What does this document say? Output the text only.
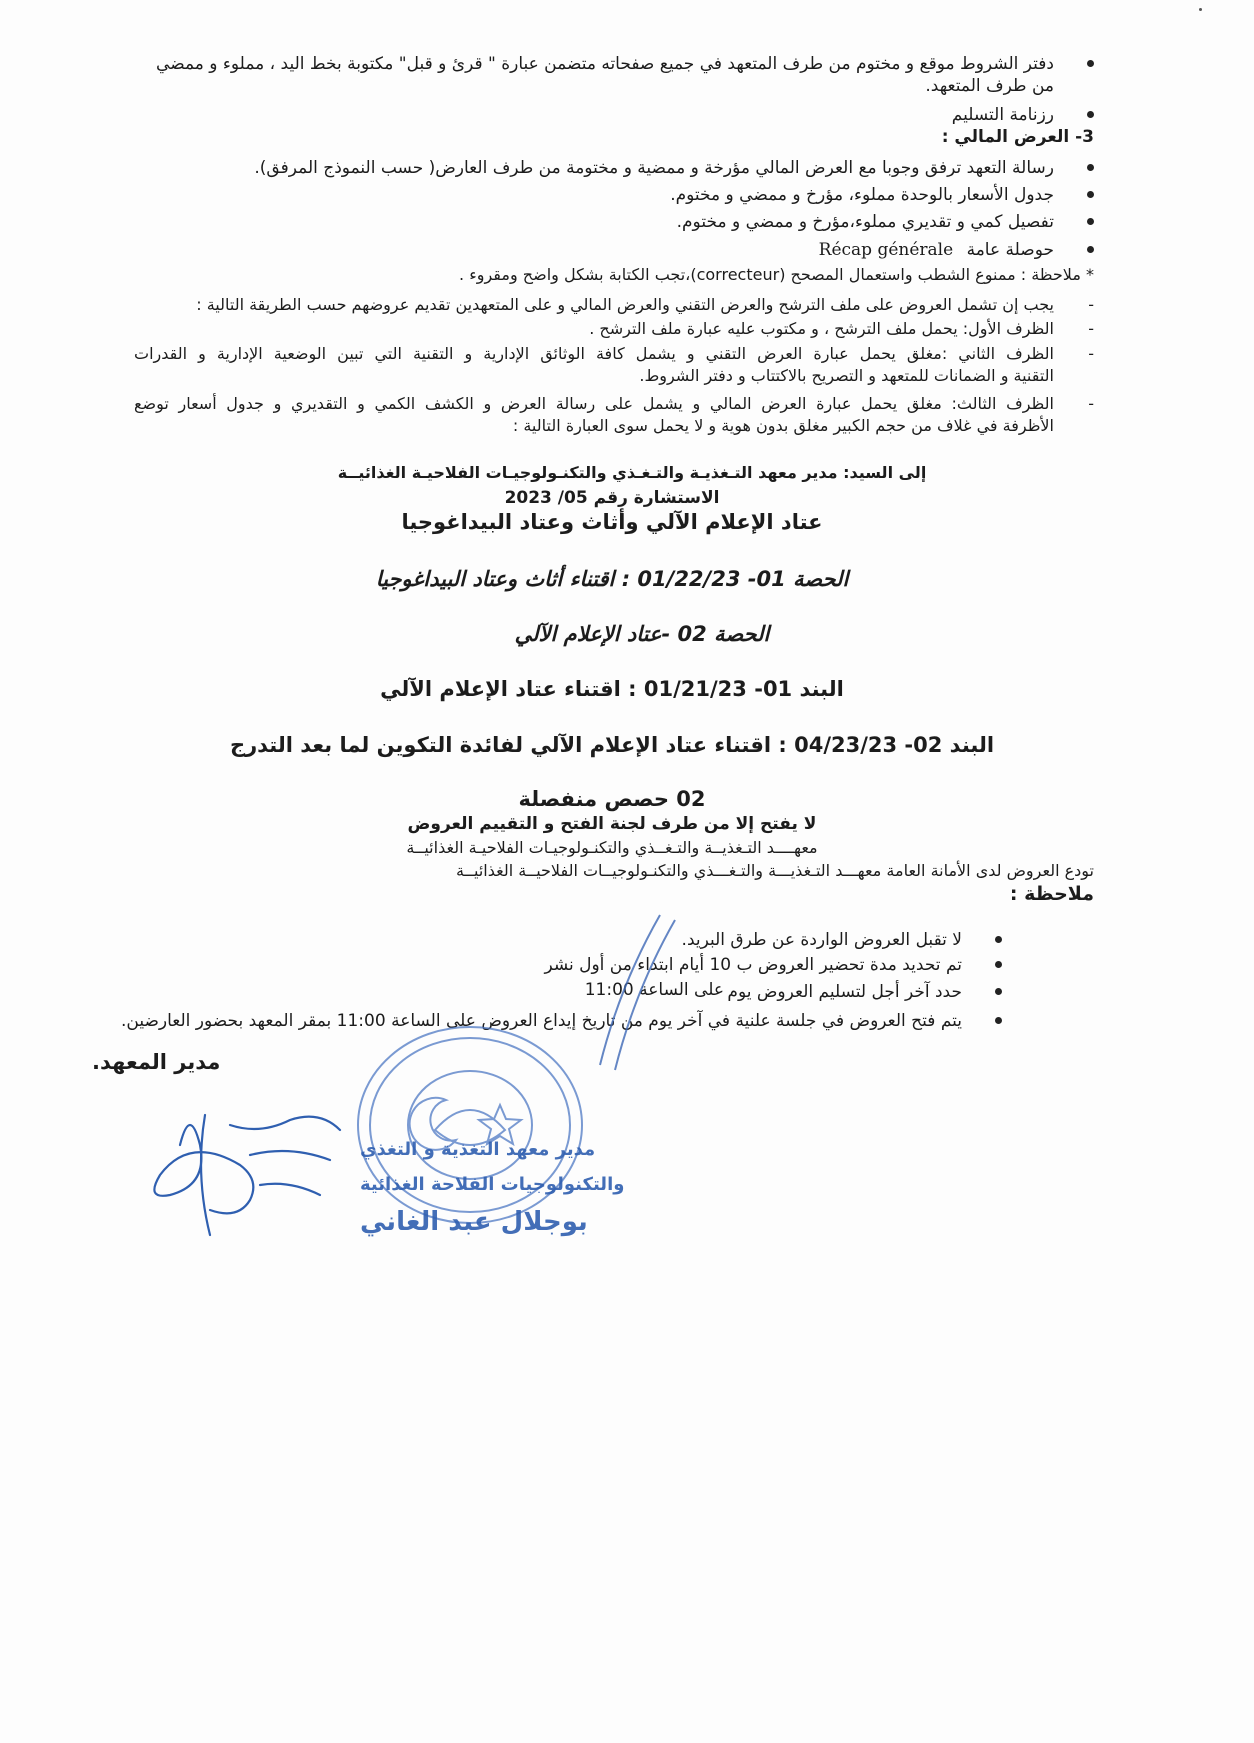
دفتر الشروط موقع و مختوم من طرف المتعهد في جميع صفحاته متضمن عبارة " قرئ و قبل" مكتوبة بخط اليد ، مملوء و ممضي
من طرف المتعهد.
رزنامة التسليم
3- العرض المالي :
رسالة التعهد ترفق وجوبا مع العرض المالي مؤرخة و ممضية و مختومة من طرف العارض( حسب النموذج المرفق).
جدول الأسعار بالوحدة مملوء، مؤرخ و ممضي و مختوم.
تفصيل كمي و تقديري مملوء،مؤرخ و ممضي و مختوم.
حوصلة عامة Récap générale
* ملاحظة : ممنوع الشطب واستعمال المصحح (correcteur)،تجب الكتابة بشكل واضح ومقروء .
-
يجب إن تشمل العروض على ملف الترشح والعرض التقني والعرض المالي و على المتعهدين تقديم عروضهم حسب الطريقة التالية :
-
الظرف الأول: يحمل ملف الترشح ، و مكتوب عليه عبارة ملف الترشح .
-
الظرف الثاني :مغلق يحمل عبارة العرض التقني و يشمل كافة الوثائق الإدارية و التقنية التي تبين الوضعية الإدارية و القدرات
التقنية و الضمانات للمتعهد و التصريح بالاكتتاب و دفتر الشروط.
-
الظرف الثالث: مغلق يحمل عبارة العرض المالي و يشمل على رسالة العرض و الكشف الكمي و التقديري و جدول أسعار توضع
الأظرفة في غلاف من حجم الكبير مغلق بدون هوية و لا يحمل سوى العبارة التالية :
إلى السيد: مدير معهد التـغذيـة والتـغـذي والتكنـولوجيـات الفلاحيـة الغذائيــة
الاستشارة رقم 05/ 2023
عتاد الإعلام الآلي وأثاث وعتاد البيداغوجيا
الحصة 01- 01/22/23 : اقتناء أثاث وعتاد البيداغوجيا
الحصة 02 -عتاد الإعلام الآلي
البند 01- 01/21/23 : اقتناء عتاد الإعلام الآلي
البند 02- 04/23/23 : اقتناء عتاد الإعلام الآلي لفائدة التكوين لما بعد التدرج
02 حصص منفصلة
لا يفتح إلا من طرف لجنة الفتح و التقييم العروض
معهــــد التـغذيــة والتـغــذي والتكنـولوجيـات الفلاحيـة الغذائيــة
تودع العروض لدى الأمانة العامة معهـــد التـغذيـــة والتـغـــذي والتكنـولوجيــات الفلاحيــة الغذائيــة
ملاحظة :
لا تقبل العروض الواردة عن طرق البريد.
تم تحديد مدة تحضير العروض ب 10 أيام ابتداء من أول نشر
حدد آخر أجل لتسليم العروض يوم
على الساعة 11:00
يتم فتح العروض في جلسة علنية في آخر يوم من تاريخ إيداع العروض على الساعة 11:00 بمقر المعهد بحضور العارضين.
مدير المعهد.
مدير معهد التغذية و التغذي
والتكنولوجيات الفلاحة الغذائية
بوجلال عبد الغاني
